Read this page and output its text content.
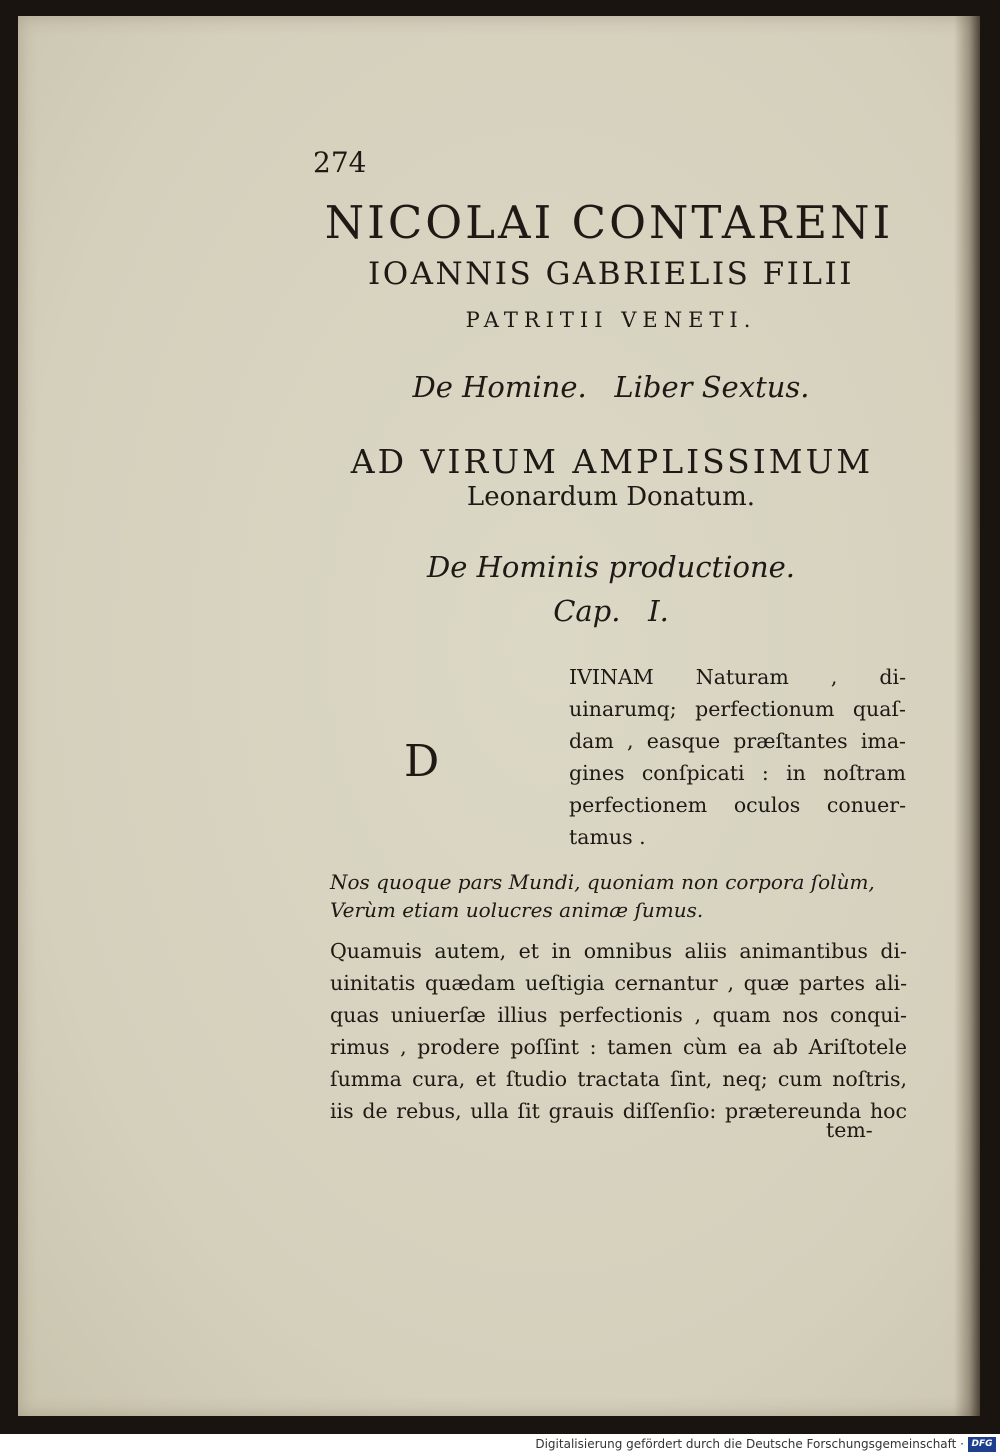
274
NICOLAI CONTARENI
IOANNIS GABRIELIS FILII
PATRITII VENETI.
De Homine.   Liber Sextus.
AD VIRUM AMPLISSIMUM
Leonardum Donatum.
De Hominis productione.
Cap.   I.
D
IVINAM Naturam , di-
uinarumq; perfectionum quaſ-
dam , easque præſtantes ima-
gines conſpicati : in noſtram
perfectionem oculos conuer-
tamus .
Nos quoque pars Mundi, quoniam non corpora ſolùm,
Verùm etiam uolucres animæ ſumus.
Quamuis autem, et in omnibus aliis animantibus di-
uinitatis quædam ueſtigia cernantur , quæ partes ali-
quas uniuerſæ illius perfectionis , quam nos conqui-
rimus , prodere poſſint : tamen cùm ea ab Ariſtotele
ſumma cura, et ſtudio tractata ſint, neq; cum noſtris,
iis de rebus, ulla ſit grauis diſſenſio: prætereunda hoc
tem-
Digitalisierung gefördert durch die Deutsche Forschungsgemeinschaft · DFG
